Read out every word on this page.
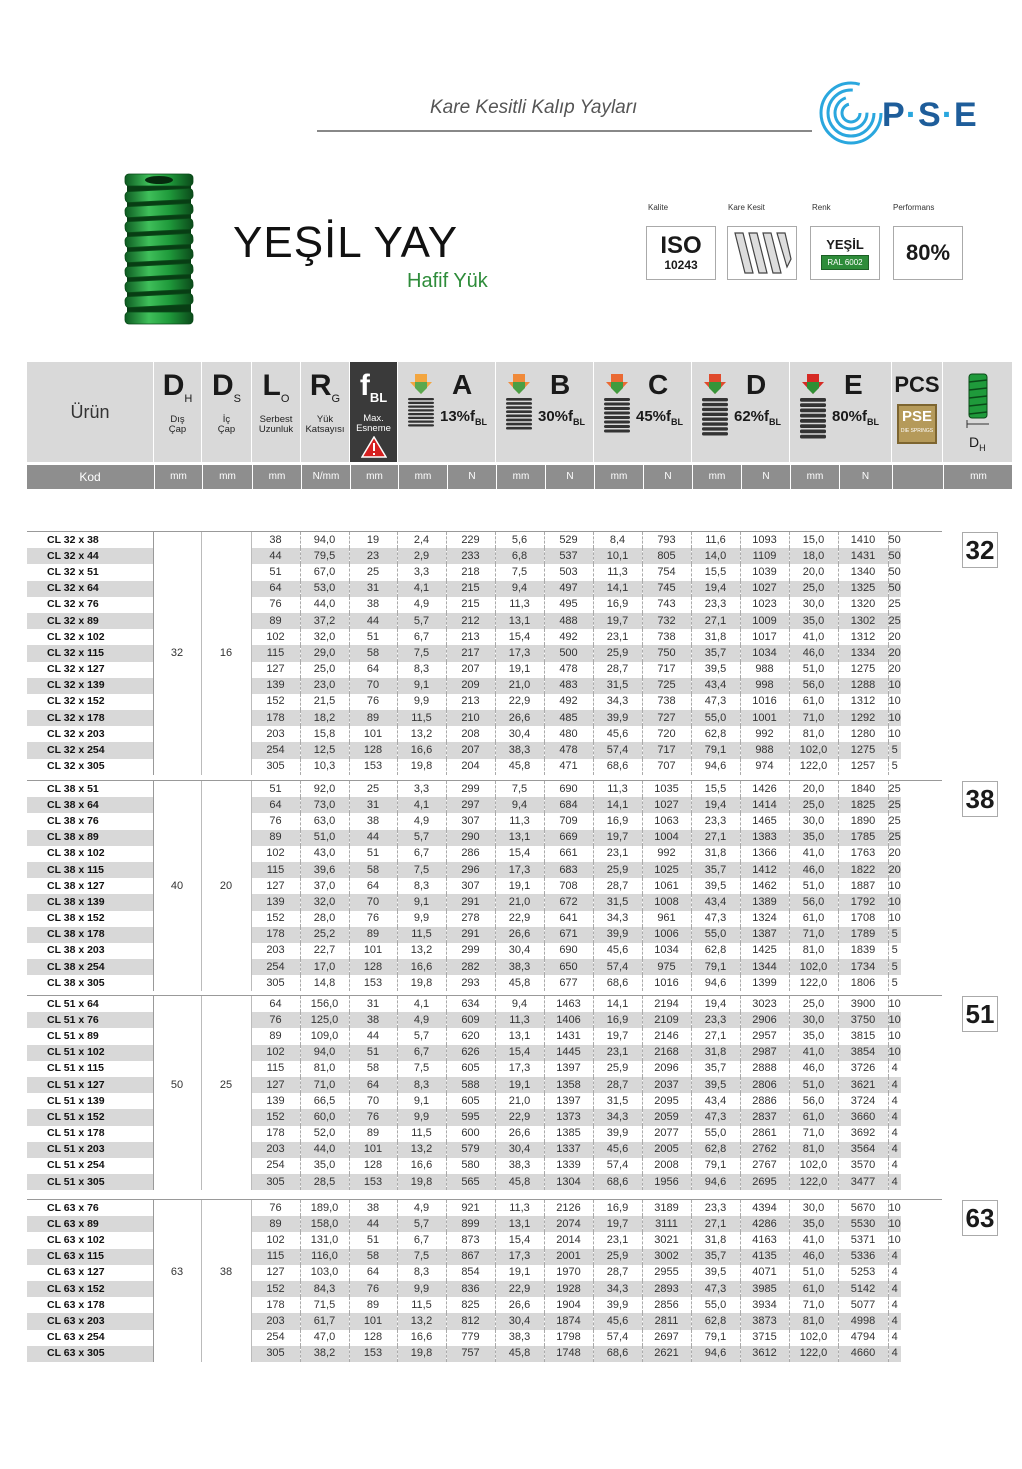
Kare Kesitli Kalıp Yayları	P·S·E
YEŞİL YAY
Hafif Yük
Kalite
ISO
10243
Kare Kesit	Renk
YEŞİL
RAL 6002
Performans
80%
Ürün
$D_H$
Dış
Çap
$D_S$
İç
Çap
$L_O$
Serbest
Uzunluk
$R_G$
Yük
Katsayısı
$f_{BL}$
Max.
Esneme
A
$13\%f_{BL}$
B
$30\%f_{BL}$
C
$45\%f_{BL}$
D
$62\%f_{BL}$
E
$80\%f_{BL}$
PCS
PSE
DIE SPRINGS
$D_H$
Kod	mm	mm	mm	N/mm	mm	mm	N	mm	N	mm	N	mm	N	mm	N	mm
CL 32 x 38			38	94,0	19	2,4	229	5,6	529	8,4	793	11,6	1093	15,0	1410	50
CL 32 x 44			44	79,5	23	2,9	233	6,8	537	10,1	805	14,0	1109	18,0	1431	50
CL 32 x 51			51	67,0	25	3,3	218	7,5	503	11,3	754	15,5	1039	20,0	1340	50
CL 32 x 64			64	53,0	31	4,1	215	9,4	497	14,1	745	19,4	1027	25,0	1325	50
CL 32 x 76			76	44,0	38	4,9	215	11,3	495	16,9	743	23,3	1023	30,0	1320	25
CL 32 x 89			89	37,2	44	5,7	212	13,1	488	19,7	732	27,1	1009	35,0	1302	25
CL 32 x 102			102	32,0	51	6,7	213	15,4	492	23,1	738	31,8	1017	41,0	1312	20
CL 32 x 115	32	16	115	29,0	58	7,5	217	17,3	500	25,9	750	35,7	1034	46,0	1334	20
CL 32 x 127			127	25,0	64	8,3	207	19,1	478	28,7	717	39,5	988	51,0	1275	20
CL 32 x 139			139	23,0	70	9,1	209	21,0	483	31,5	725	43,4	998	56,0	1288	10
CL 32 x 152			152	21,5	76	9,9	213	22,9	492	34,3	738	47,3	1016	61,0	1312	10
CL 32 x 178			178	18,2	89	11,5	210	26,6	485	39,9	727	55,0	1001	71,0	1292	10
CL 32 x 203			203	15,8	101	13,2	208	30,4	480	45,6	720	62,8	992	81,0	1280	10
CL 32 x 254			254	12,5	128	16,6	207	38,3	478	57,4	717	79,1	988	102,0	1275	5
CL 32 x 305			305	10,3	153	19,8	204	45,8	471	68,6	707	94,6	974	122,0	1257	5
32
CL 38 x 51			51	92,0	25	3,3	299	7,5	690	11,3	1035	15,5	1426	20,0	1840	25
CL 38 x 64			64	73,0	31	4,1	297	9,4	684	14,1	1027	19,4	1414	25,0	1825	25
CL 38 x 76			76	63,0	38	4,9	307	11,3	709	16,9	1063	23,3	1465	30,0	1890	25
CL 38 x 89			89	51,0	44	5,7	290	13,1	669	19,7	1004	27,1	1383	35,0	1785	25
CL 38 x 102			102	43,0	51	6,7	286	15,4	661	23,1	992	31,8	1366	41,0	1763	20
CL 38 x 115			115	39,6	58	7,5	296	17,3	683	25,9	1025	35,7	1412	46,0	1822	20
CL 38 x 127	40	20	127	37,0	64	8,3	307	19,1	708	28,7	1061	39,5	1462	51,0	1887	10
CL 38 x 139			139	32,0	70	9,1	291	21,0	672	31,5	1008	43,4	1389	56,0	1792	10
CL 38 x 152			152	28,0	76	9,9	278	22,9	641	34,3	961	47,3	1324	61,0	1708	10
CL 38 x 178			178	25,2	89	11,5	291	26,6	671	39,9	1006	55,0	1387	71,0	1789	5
CL 38 x 203			203	22,7	101	13,2	299	30,4	690	45,6	1034	62,8	1425	81,0	1839	5
CL 38 x 254			254	17,0	128	16,6	282	38,3	650	57,4	975	79,1	1344	102,0	1734	5
CL 38 x 305			305	14,8	153	19,8	293	45,8	677	68,6	1016	94,6	1399	122,0	1806	5
38
CL 51 x 64			64	156,0	31	4,1	634	9,4	1463	14,1	2194	19,4	3023	25,0	3900	10
CL 51 x 76			76	125,0	38	4,9	609	11,3	1406	16,9	2109	23,3	2906	30,0	3750	10
CL 51 x 89			89	109,0	44	5,7	620	13,1	1431	19,7	2146	27,1	2957	35,0	3815	10
CL 51 x 102			102	94,0	51	6,7	626	15,4	1445	23,1	2168	31,8	2987	41,0	3854	10
CL 51 x 115			115	81,0	58	7,5	605	17,3	1397	25,9	2096	35,7	2888	46,0	3726	4
CL 51 x 127	50	25	127	71,0	64	8,3	588	19,1	1358	28,7	2037	39,5	2806	51,0	3621	4
CL 51 x 139			139	66,5	70	9,1	605	21,0	1397	31,5	2095	43,4	2886	56,0	3724	4
CL 51 x 152			152	60,0	76	9,9	595	22,9	1373	34,3	2059	47,3	2837	61,0	3660	4
CL 51 x 178			178	52,0	89	11,5	600	26,6	1385	39,9	2077	55,0	2861	71,0	3692	4
CL 51 x 203			203	44,0	101	13,2	579	30,4	1337	45,6	2005	62,8	2762	81,0	3564	4
CL 51 x 254			254	35,0	128	16,6	580	38,3	1339	57,4	2008	79,1	2767	102,0	3570	4
CL 51 x 305			305	28,5	153	19,8	565	45,8	1304	68,6	1956	94,6	2695	122,0	3477	4
51
CL 63 x 76			76	189,0	38	4,9	921	11,3	2126	16,9	3189	23,3	4394	30,0	5670	10
CL 63 x 89			89	158,0	44	5,7	899	13,1	2074	19,7	3111	27,1	4286	35,0	5530	10
CL 63 x 102			102	131,0	51	6,7	873	15,4	2014	23,1	3021	31,8	4163	41,0	5371	10
CL 63 x 115			115	116,0	58	7,5	867	17,3	2001	25,9	3002	35,7	4135	46,0	5336	4
CL 63 x 127	63	38	127	103,0	64	8,3	854	19,1	1970	28,7	2955	39,5	4071	51,0	5253	4
CL 63 x 152			152	84,3	76	9,9	836	22,9	1928	34,3	2893	47,3	3985	61,0	5142	4
CL 63 x 178			178	71,5	89	11,5	825	26,6	1904	39,9	2856	55,0	3934	71,0	5077	4
CL 63 x 203			203	61,7	101	13,2	812	30,4	1874	45,6	2811	62,8	3873	81,0	4998	4
CL 63 x 254			254	47,0	128	16,6	779	38,3	1798	57,4	2697	79,1	3715	102,0	4794	4
CL 63 x 305			305	38,2	153	19,8	757	45,8	1748	68,6	2621	94,6	3612	122,0	4660	4
63
